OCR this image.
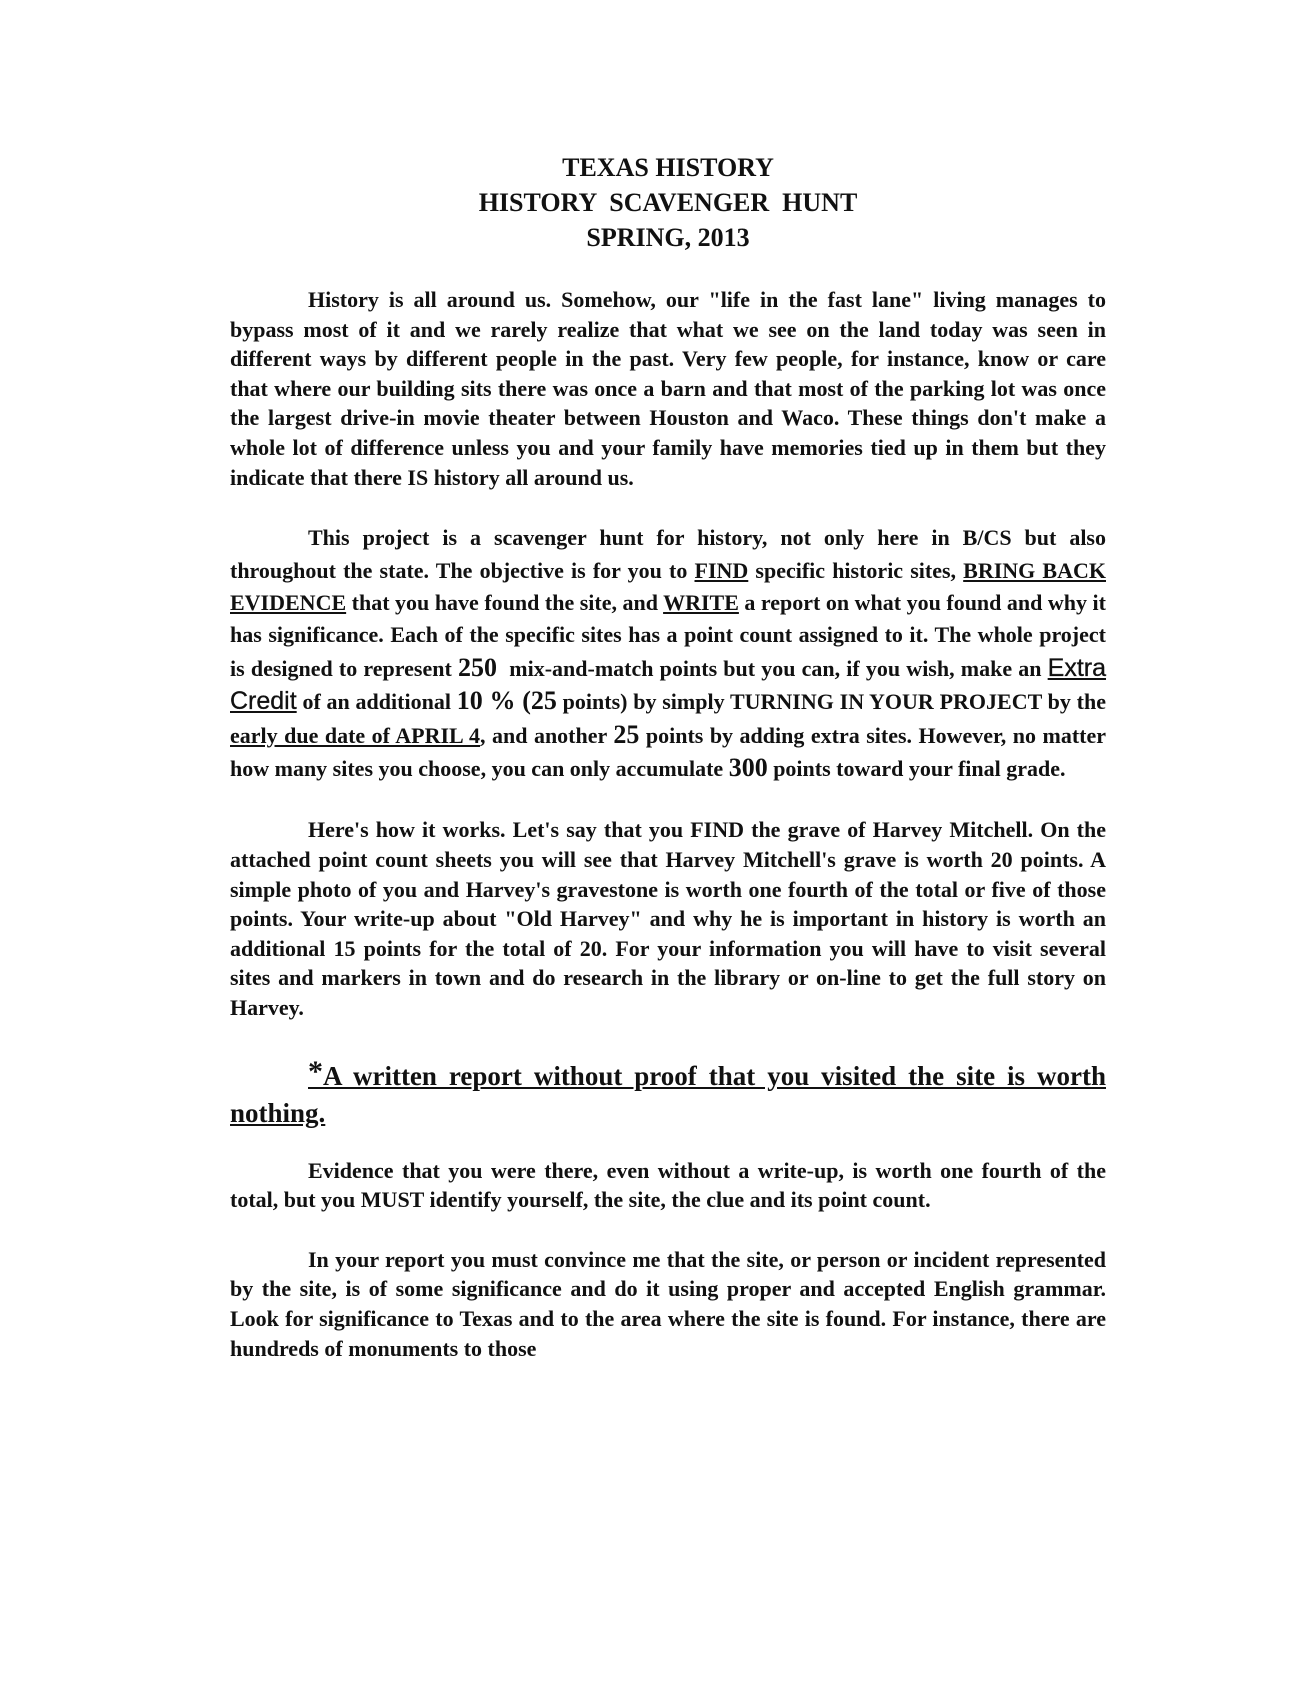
TEXAS HISTORY
HISTORY  SCAVENGER  HUNT
SPRING, 2013

History is all around us. Somehow, our "life in the fast lane" living manages to bypass most of it and we rarely realize that what we see on the land today was seen in different ways by different people in the past. Very few people, for instance, know or care that where our building sits there was once a barn and that most of the parking lot was once the largest drive-in movie theater between Houston and Waco. These things don't make a whole lot of difference unless you and your family have memories tied up in them but they indicate that there IS history all around us.

This project is a scavenger hunt for history, not only here in B/CS but also throughout the state. The objective is for you to FIND specific historic sites, BRING BACK EVIDENCE that you have found the site, and WRITE a report on what you found and why it has significance. Each of the specific sites has a point count assigned to it. The whole project is designed to represent 250  mix-and-match points but you can, if you wish, make an Extra Credit of an additional 10 % (25 points) by simply TURNING IN YOUR PROJECT by the early due date of APRIL 4, and another 25 points by adding extra sites. However, no matter how many sites you choose, you can only accumulate 300 points toward your final grade.

Here's how it works. Let's say that you FIND the grave of Harvey Mitchell. On the attached point count sheets you will see that Harvey Mitchell's grave is worth 20 points. A simple photo of you and Harvey's gravestone is worth one fourth of the total or five of those points. Your write-up about "Old Harvey" and why he is important in history is worth an additional 15 points for the total of 20. For your information you will have to visit several sites and markers in town and do research in the library or on-line to get the full story on Harvey.

*A written report without proof that you visited the site is worth nothing.

Evidence that you were there, even without a write-up, is worth one fourth of the total, but you MUST identify yourself, the site, the clue and its point count.

In your report you must convince me that the site, or person or incident represented by the site, is of some significance and do it using proper and accepted English grammar. Look for significance to Texas and to the area where the site is found. For instance, there are hundreds of monuments to those
